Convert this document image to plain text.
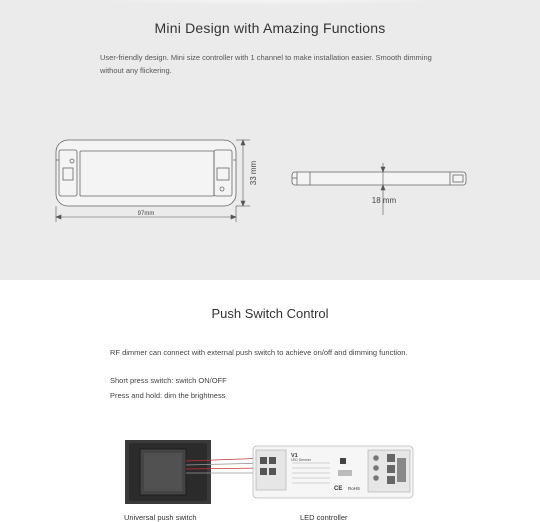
Mini Design with Amazing Functions
User-friendly design. Mini size controller with 1 channel to make installation easier. Smooth dimming without any flickering.
33 mm
97mm
18 mm
Push Switch Control
RF dimmer can connect with external push switch to achieve on/off and dimming function.
Short press switch: switch ON/OFF
Press and hold: dim the brightness
V1
LED Dimmer
CE RoHS
Universal push switch	LED controller
